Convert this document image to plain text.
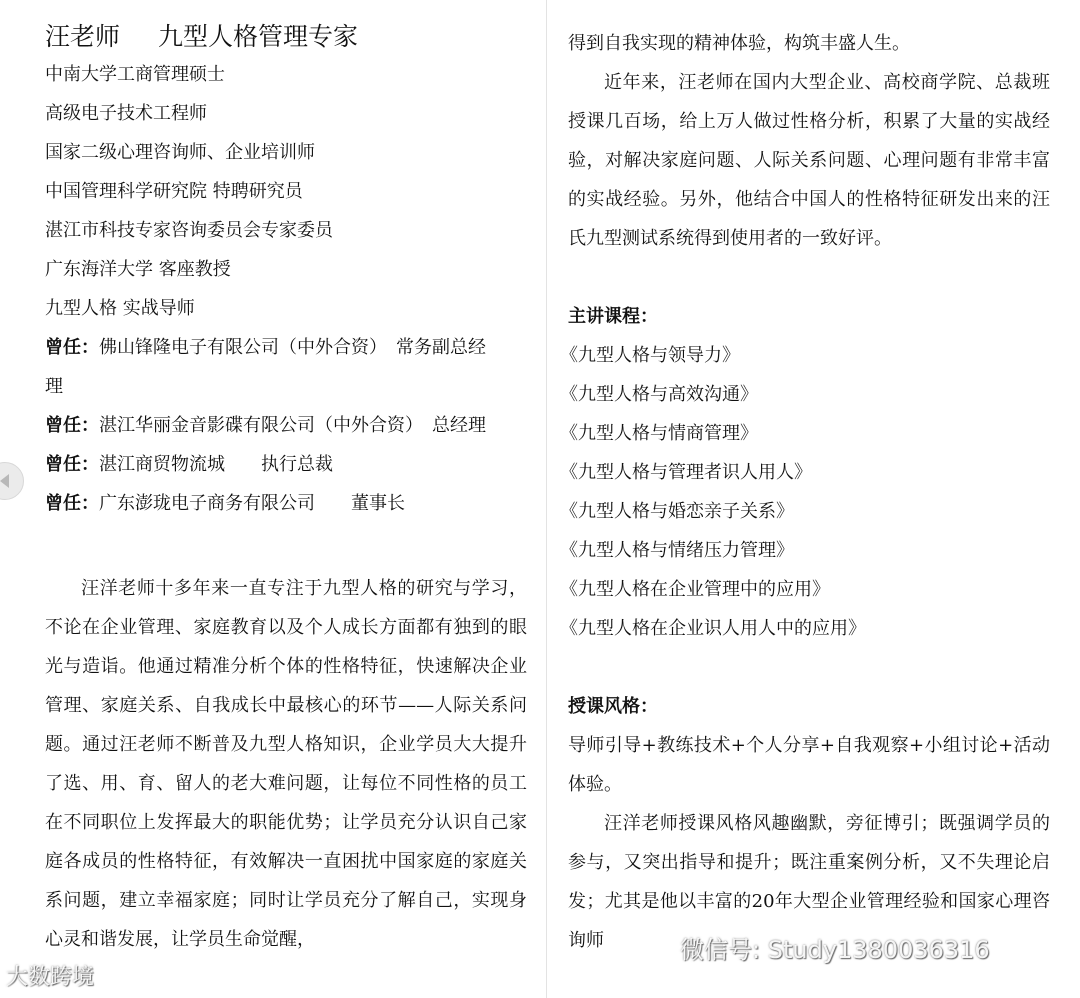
汪老师 九型人格管理专家
中南大学工商管理硕士
高级电子技术工程师
国家二级心理咨询师、企业培训师
中国管理科学研究院 特聘研究员
湛江市科技专家咨询委员会专家委员
广东海洋大学 客座教授
九型人格 实战导师
曾任：佛山锋隆电子有限公司（中外合资）　常务副总经
理
曾任：湛江华丽金音影碟有限公司（中外合资）　总经理
曾任：湛江商贸物流城　　执行总裁
曾任：广东澎珑电子商务有限公司　　董事长
汪洋老师十多年来一直专注于九型人格的研究与学习，不论在企业管理、家庭教育以及个人成长方面都有独到的眼光与造诣。他通过精准分析个体的性格特征，快速解决企业管理、家庭关系、自我成长中最核心的环节——人际关系问题。通过汪老师不断普及九型人格知识，企业学员大大提升了选、用、育、留人的老大难问题，让每位不同性格的员工在不同职位上发挥最大的职能优势；让学员充分认识自己家庭各成员的性格特征，有效解决一直困扰中国家庭的家庭关系问题，建立幸福家庭；同时让学员充分了解自己，实现身心灵和谐发展，让学员生命觉醒，
得到自我实现的精神体验，构筑丰盛人生。
近年来，汪老师在国内大型企业、高校商学院、总裁班授课几百场，给上万人做过性格分析，积累了大量的实战经验，对解决家庭问题、人际关系问题、心理问题有非常丰富的实战经验。另外，他结合中国人的性格特征研发出来的汪氏九型测试系统得到使用者的一致好评。
主讲课程：
《九型人格与领导力》
《九型人格与高效沟通》
《九型人格与情商管理》
《九型人格与管理者识人用人》
《九型人格与婚恋亲子关系》
《九型人格与情绪压力管理》
《九型人格在企业管理中的应用》
《九型人格在企业识人用人中的应用》
授课风格：
导师引导+教练技术+个人分享+自我观察+小组讨论+活动体验。
汪洋老师授课风格风趣幽默，旁征博引；既强调学员的参与，又突出指导和提升；既注重案例分析，又不失理论启发；尤其是他以丰富的20年大型企业管理经验和国家心理咨询师
大数跨境
微信号: Study1380036316
